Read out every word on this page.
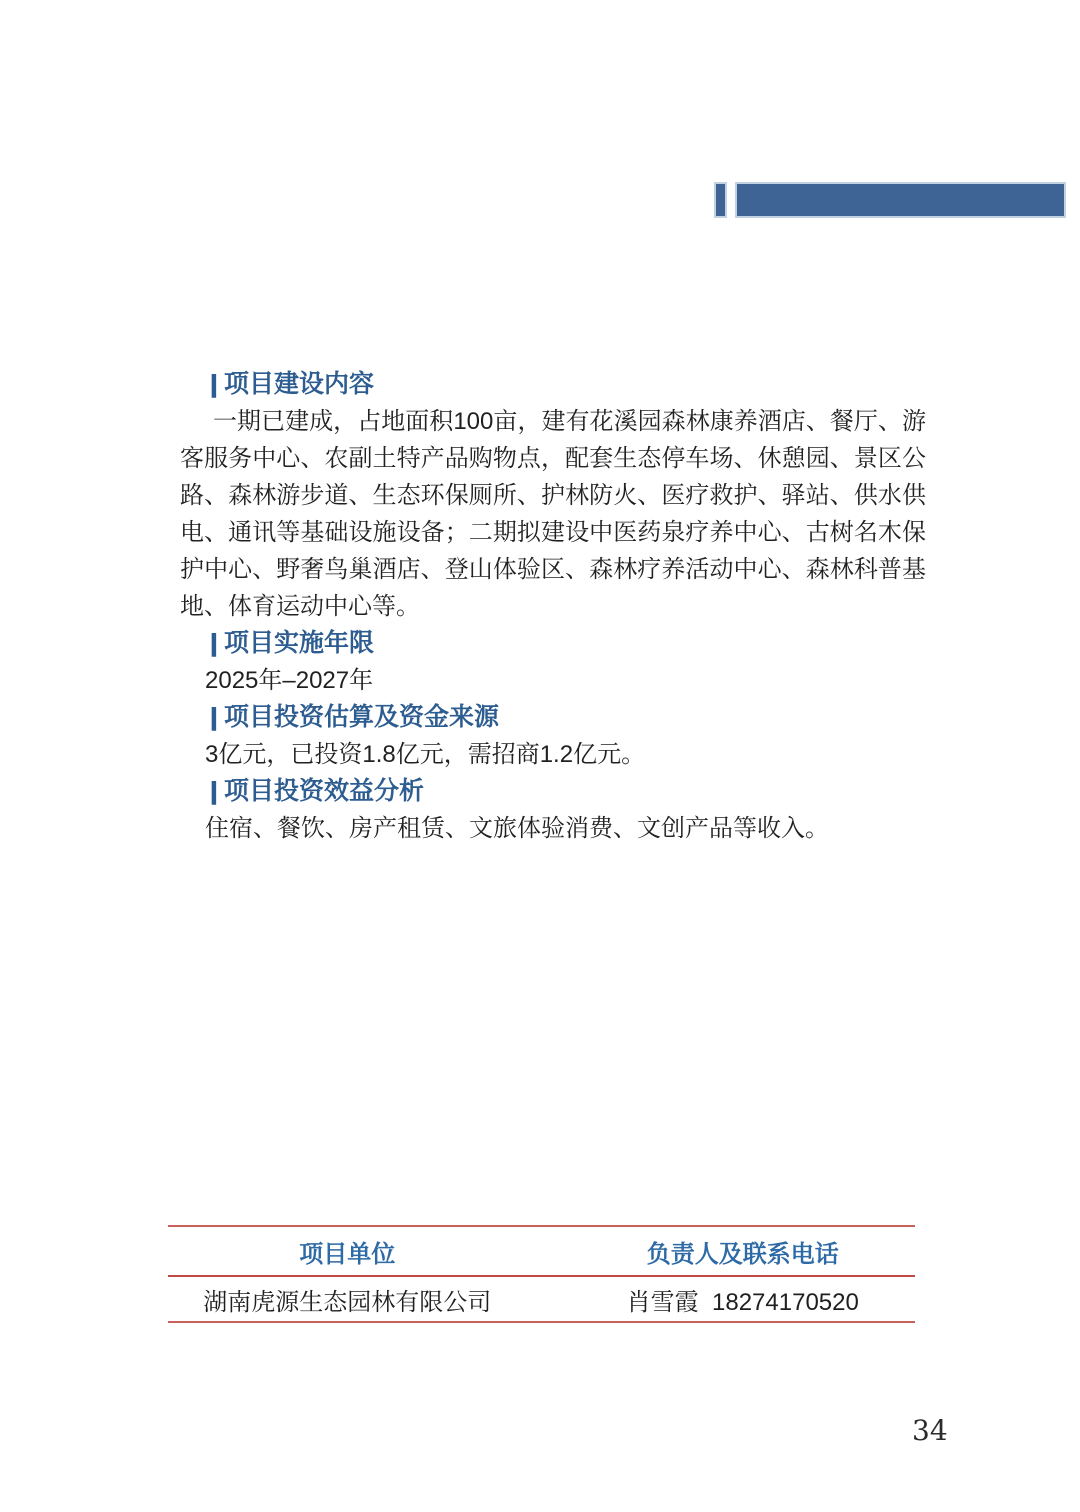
| 项目建设内容

一期已建成，占地面积100亩，建有花溪园森林康养酒店、餐厅、游客服务中心、农副土特产品购物点，配套生态停车场、休憩园、景区公路、森林游步道、生态环保厕所、护林防火、医疗救护、驿站、供水供电、通讯等基础设施设备；二期拟建设中医药泉疗养中心、古树名木保护中心、野奢鸟巢酒店、登山体验区、森林疗养活动中心、森林科普基地、体育运动中心等。

| 项目实施年限
2025年–2027年
| 项目投资估算及资金来源
3亿元，已投资1.8亿元，需招商1.2亿元。
| 项目投资效益分析
住宿、餐饮、房产租赁、文旅体验消费、文创产品等收入。
项目单位	负责人及联系电话
湖南虎源生态园林有限公司	肖雪霞  18274170520
34
